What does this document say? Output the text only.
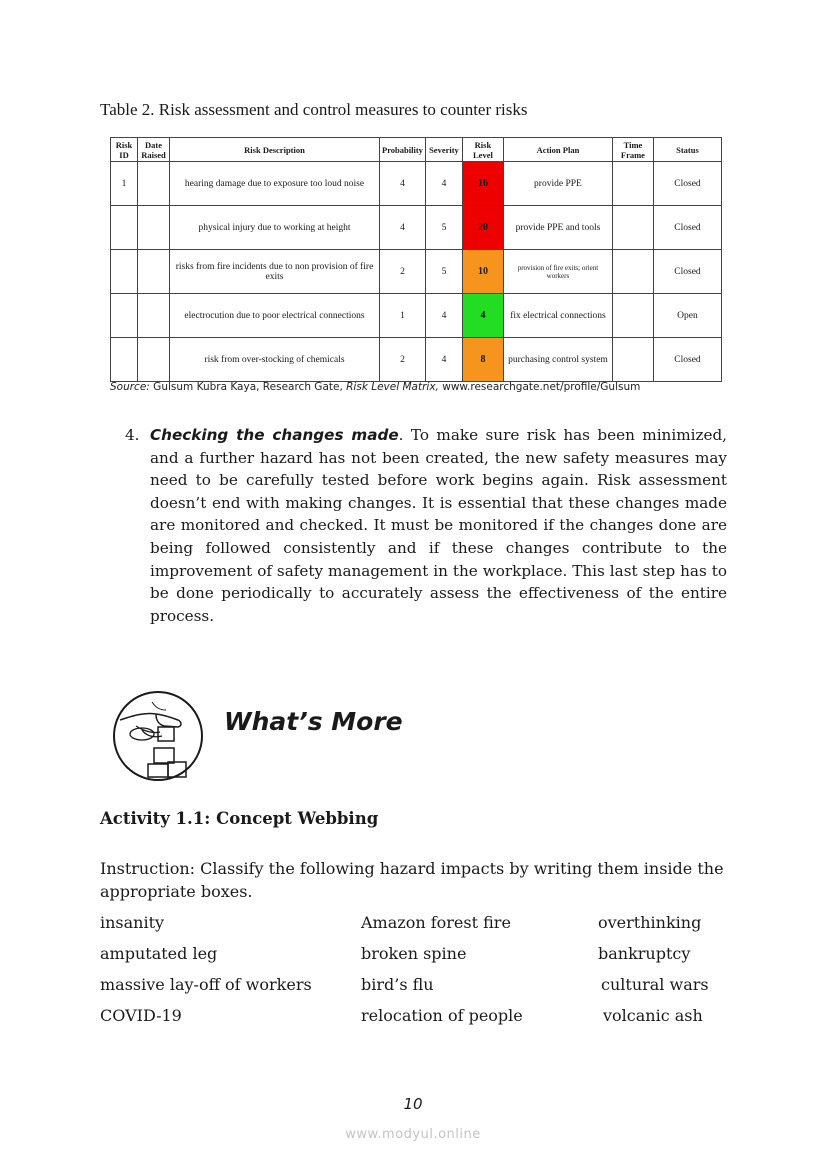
Table 2. Risk assessment and control measures to counter risks
Risk ID	Date Raised	Risk Description	Probability	Severity	Risk Level	Action Plan	Time Frame	Status
1		hearing damage due to exposure too loud noise	4	4	16	provide PPE		Closed
		physical injury due to working at height	4	5	20	provide PPE and tools		Closed
		risks from fire incidents due to non provision of fire exits	2	5	10	provision of fire exits; orient workers		Closed
		electrocution due to poor electrical connections	1	4	4	fix electrical connections		Open
		risk from over-stocking of chemicals	2	4	8	purchasing control system		Closed
Source: Gulsum Kubra Kaya, Research Gate, Risk Level Matrix, www.researchgate.net/profile/Gulsum
4. Checking the changes made. To make sure risk has been minimized, and a further hazard has not been created, the new safety measures may need to be carefully tested before work begins again. Risk assessment doesn’t end with making changes. It is essential that these changes made are monitored and checked. It must be monitored if the changes done are being followed consistently and if these changes contribute to the improvement of safety management in the workplace. This last step has to be done periodically to accurately assess the effectiveness of the entire process.
What’s More
Activity 1.1: Concept Webbing
Instruction: Classify the following hazard impacts by writing them inside the appropriate boxes.
insanity	Amazon forest fire	overthinking
amputated leg	broken spine	bankruptcy
massive lay-off of workers	bird’s flu	cultural wars
COVID-19	relocation of people	volcanic ash
10
www.modyul.online
